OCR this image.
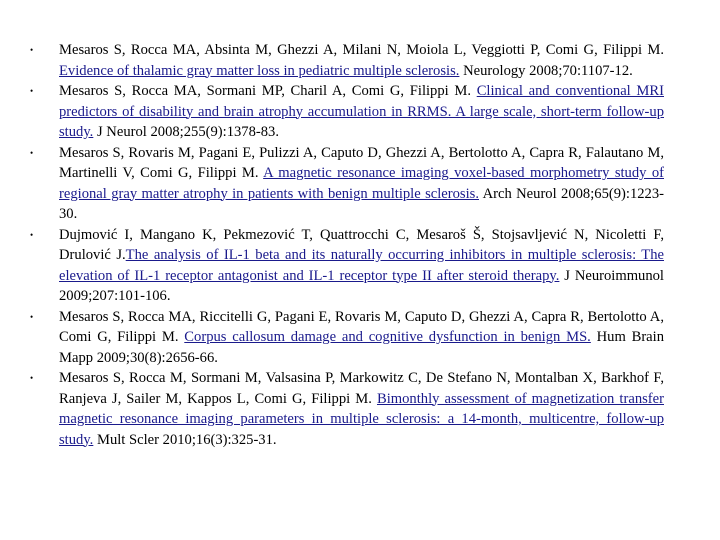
• Mesaros S, Rocca MA, Absinta M, Ghezzi A, Milani N, Moiola L, Veggiotti P, Comi G, Filippi M. Evidence of thalamic gray matter loss in pediatric multiple sclerosis. Neurology 2008;70:1107-12.
• Mesaros S, Rocca MA, Sormani MP, Charil A, Comi G, Filippi M. Clinical and conventional MRI predictors of disability and brain atrophy accumulation in RRMS. A large scale, short-term follow-up study. J Neurol 2008;255(9):1378-83.
• Mesaros S, Rovaris M, Pagani E, Pulizzi A, Caputo D, Ghezzi A, Bertolotto A, Capra R, Falautano M, Martinelli V, Comi G, Filippi M. A magnetic resonance imaging voxel-based morphometry study of regional gray matter atrophy in patients with benign multiple sclerosis. Arch Neurol 2008;65(9):1223-30.
• Dujmović I, Mangano K, Pekmezović T, Quattrocchi C, Mesaroš Š, Stojsavljević N, Nicoletti F, Drulović J.The analysis of IL-1 beta and its naturally occurring inhibitors in multiple sclerosis: The elevation of IL-1 receptor antagonist and IL-1 receptor type II after steroid therapy. J Neuroimmunol 2009;207:101-106.
• Mesaros S, Rocca MA, Riccitelli G, Pagani E, Rovaris M, Caputo D, Ghezzi A, Capra R, Bertolotto A, Comi G, Filippi M. Corpus callosum damage and cognitive dysfunction in benign MS. Hum Brain Mapp 2009;30(8):2656-66.
• Mesaros S, Rocca M, Sormani M, Valsasina P, Markowitz C, De Stefano N, Montalban X, Barkhof F, Ranjeva J, Sailer M, Kappos L, Comi G, Filippi M. Bimonthly assessment of magnetization transfer magnetic resonance imaging parameters in multiple sclerosis: a 14-month, multicentre, follow-up study. Mult Scler 2010;16(3):325-31.
